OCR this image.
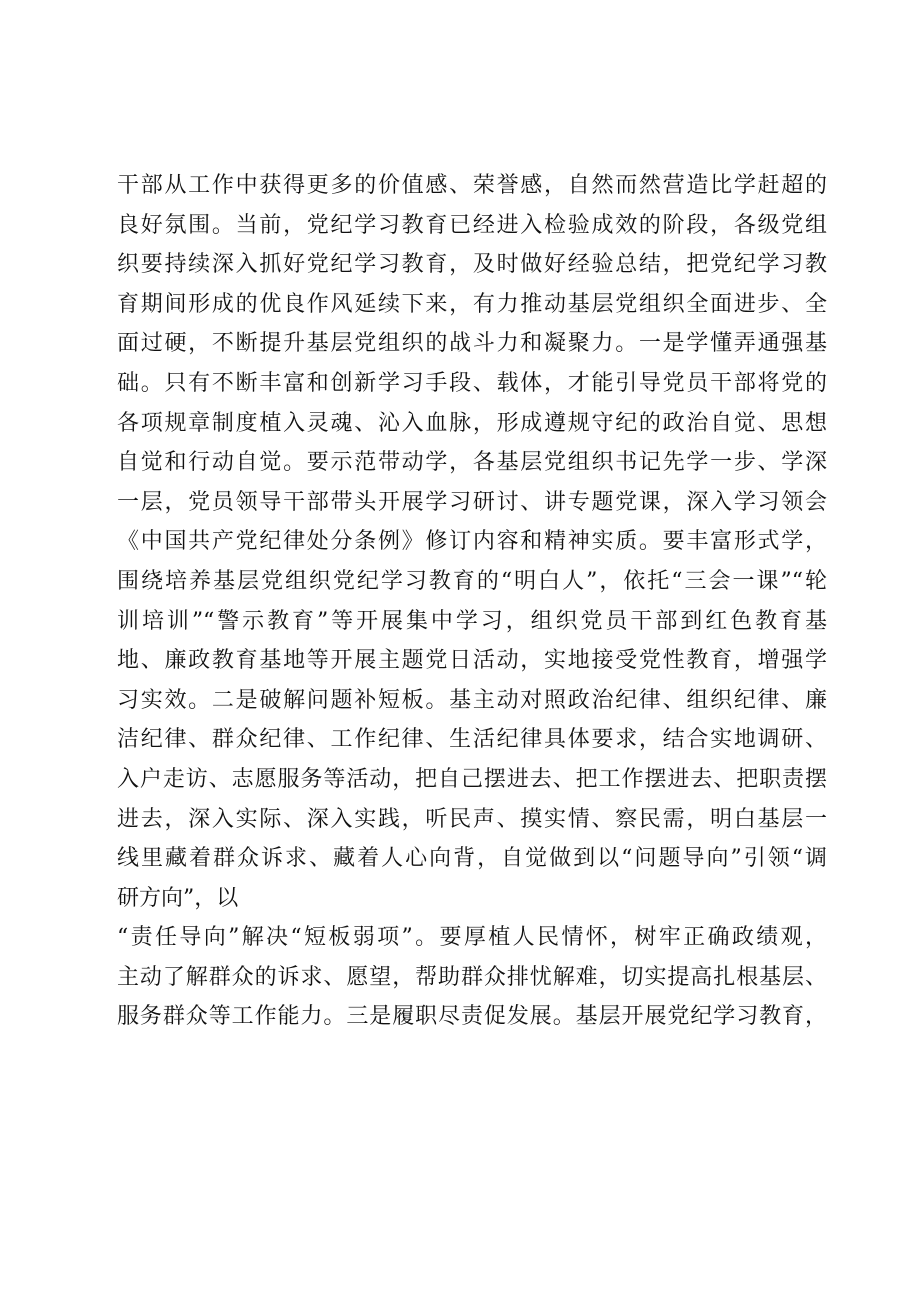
干部从工作中获得更多的价值感、荣誉感，自然而然营造比学赶超的
良好氛围。当前，党纪学习教育已经进入检验成效的阶段，各级党组
织要持续深入抓好党纪学习教育，及时做好经验总结，把党纪学习教
育期间形成的优良作风延续下来，有力推动基层党组织全面进步、全
面过硬，不断提升基层党组织的战斗力和凝聚力。一是学懂弄通强基
础。只有不断丰富和创新学习手段、载体，才能引导党员干部将党的
各项规章制度植入灵魂、沁入血脉，形成遵规守纪的政治自觉、思想
自觉和行动自觉。要示范带动学，各基层党组织书记先学一步、学深
一层，党员领导干部带头开展学习研讨、讲专题党课，深入学习领会
《中国共产党纪律处分条例》修订内容和精神实质。要丰富形式学，
围绕培养基层党组织党纪学习教育的“明白人”，依托“三会一课”“轮
训培训”“警示教育”等开展集中学习，组织党员干部到红色教育基
地、廉政教育基地等开展主题党日活动，实地接受党性教育，增强学
习实效。二是破解问题补短板。基主动对照政治纪律、组织纪律、廉
洁纪律、群众纪律、工作纪律、生活纪律具体要求，结合实地调研、
入户走访、志愿服务等活动，把自己摆进去、把工作摆进去、把职责摆
进去，深入实际、深入实践，听民声、摸实情、察民需，明白基层一
线里藏着群众诉求、藏着人心向背，自觉做到以“问题导向”引领“调
研方向”，以
“责任导向”解决“短板弱项”。要厚植人民情怀，树牢正确政绩观，
主动了解群众的诉求、愿望，帮助群众排忧解难，切实提高扎根基层、
服务群众等工作能力。三是履职尽责促发展。基层开展党纪学习教育，
